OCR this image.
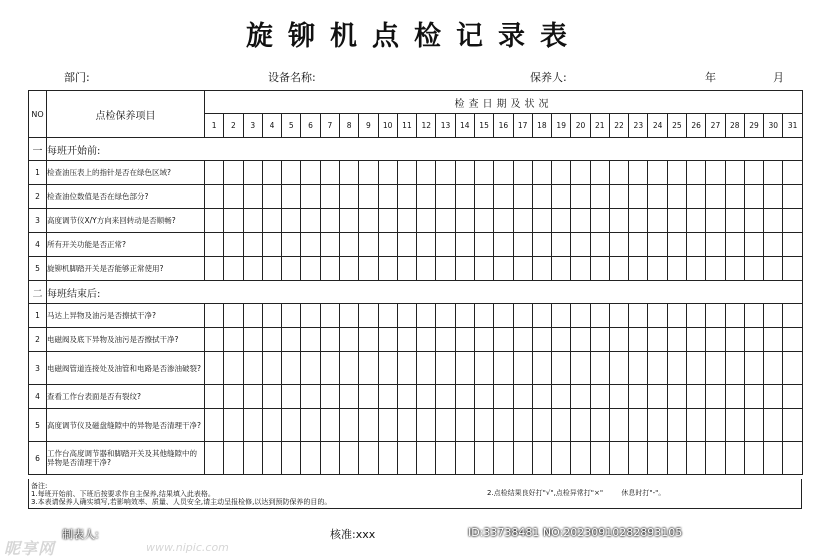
旋铆机点检记录表
部门:	设备名称:	保养人:	年	月
NO	点检保养项目	检查日期及状况																														
		1	2	3	4	5	6	7	8	9	10	11	12	13	14	15	16	17	18	19	20	21	22	23	24	25	26	27	28	29	30	31
一	每班开始前:																															
1	检查油压表上的指针是否在绿色区域?																															
2	检查油位数值是否在绿色部分?																															
3	高度调节仪X/Y方向来回转动是否顺畅?																															
4	所有开关功能是否正常?																															
5	旋铆机脚踏开关是否能够正常使用?																															
二	每班结束后:																															
1	马达上异物及油污是否擦拭干净?																															
2	电磁阀及底下异物及油污是否擦拭干净?																															
3	电磁阀管道连接处及油管和电路是否渗油破裂?																															
4	查看工作台表面是否有裂纹?																															
5	高度调节仪及磁盘缝隙中的异物是否清理干净?																															
6	工作台高度调节器和脚踏开关及其他缝隙中的异物是否清理干净?																															
备注:
1.每班开始前、下班后按要求作自主保养,结果填入此表格。
3.本表请保养人确实填写,若影响效率、质量、人员安全,请主动呈报检修,以达到预防保养的目的。
2.点检结果良好打"√",点检异常打"×"	休息时打"-"。
制表人:	核准:xxx
昵享网	www.nipic.com
ID:33738481 NO:20230910282893105
